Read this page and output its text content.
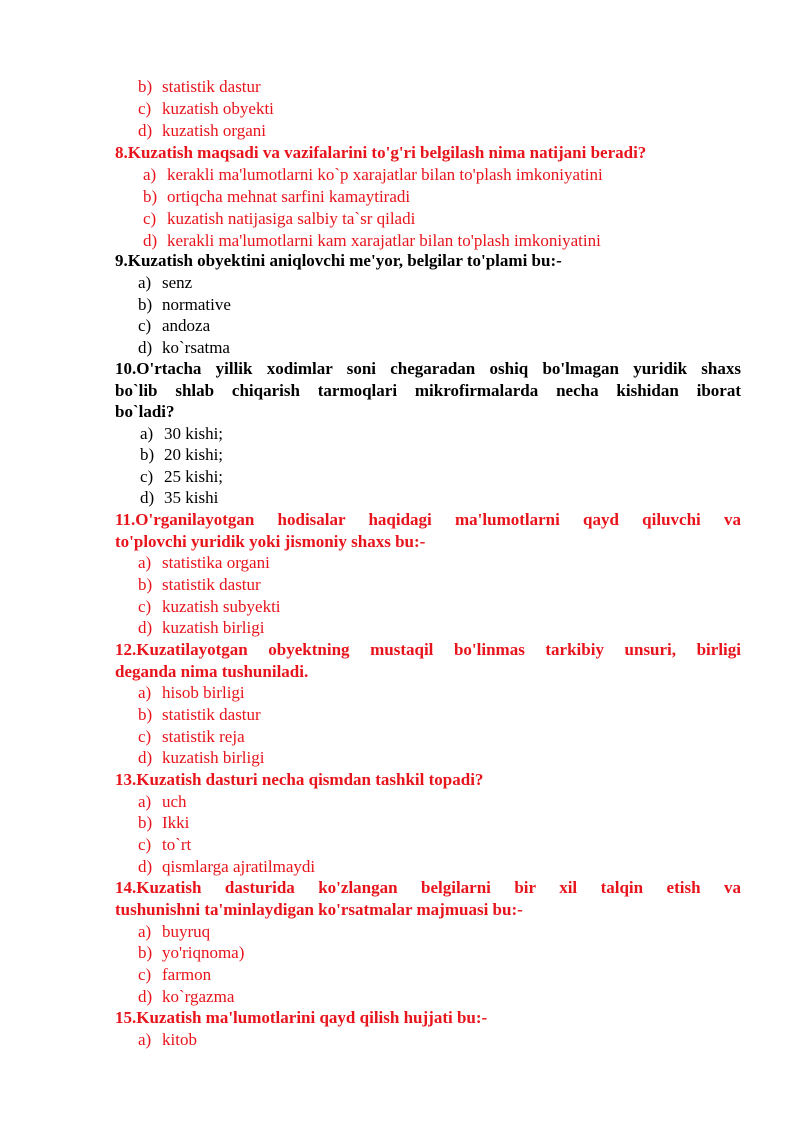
b) statistik dastur
c) kuzatish obyekti
d) kuzatish organi
8.Kuzatish maqsadi va vazifalarini to'g'ri belgilash nima natijani beradi?
a) kerakli ma'lumotlarni ko`p xarajatlar bilan to'plash imkoniyatini
b) ortiqcha mehnat sarfini kamaytiradi
c) kuzatish natijasiga salbiy ta`sr qiladi
d) kerakli ma'lumotlarni kam xarajatlar bilan to'plash imkoniyatini
9.Kuzatish obyektini aniqlovchi me'yor, belgilar to'plami bu:-
a) senz
b) normative
c) andoza
d) ko`rsatma
10.O'rtacha yillik xodimlar soni chegaradan oshiq bo'lmagan yuridik shaxs
bo`lib shlab chiqarish tarmoqlari mikrofirmalarda necha kishidan iborat
bo`ladi?
a) 30 kishi;
b) 20 kishi;
c) 25 kishi;
d) 35 kishi
11.O'rganilayotgan hodisalar haqidagi ma'lumotlarni qayd qiluvchi va
to'plovchi yuridik yoki jismoniy shaxs bu:-
a) statistika organi
b) statistik dastur
c) kuzatish subyekti
d) kuzatish birligi
12.Kuzatilayotgan obyektning mustaqil bo'linmas tarkibiy unsuri, birligi
deganda nima tushuniladi.
a) hisob birligi
b) statistik dastur
c) statistik reja
d) kuzatish birligi
13.Kuzatish dasturi necha qismdan tashkil topadi?
a) uch
b) Ikki
c) to`rt
d) qismlarga ajratilmaydi
14.Kuzatish dasturida ko'zlangan belgilarni bir xil talqin etish va
tushunishni ta'minlaydigan ko'rsatmalar majmuasi bu:-
a) buyruq
b) yo'riqnoma)
c) farmon
d) ko`rgazma
15.Kuzatish ma'lumotlarini qayd qilish hujjati bu:-
a) kitob
